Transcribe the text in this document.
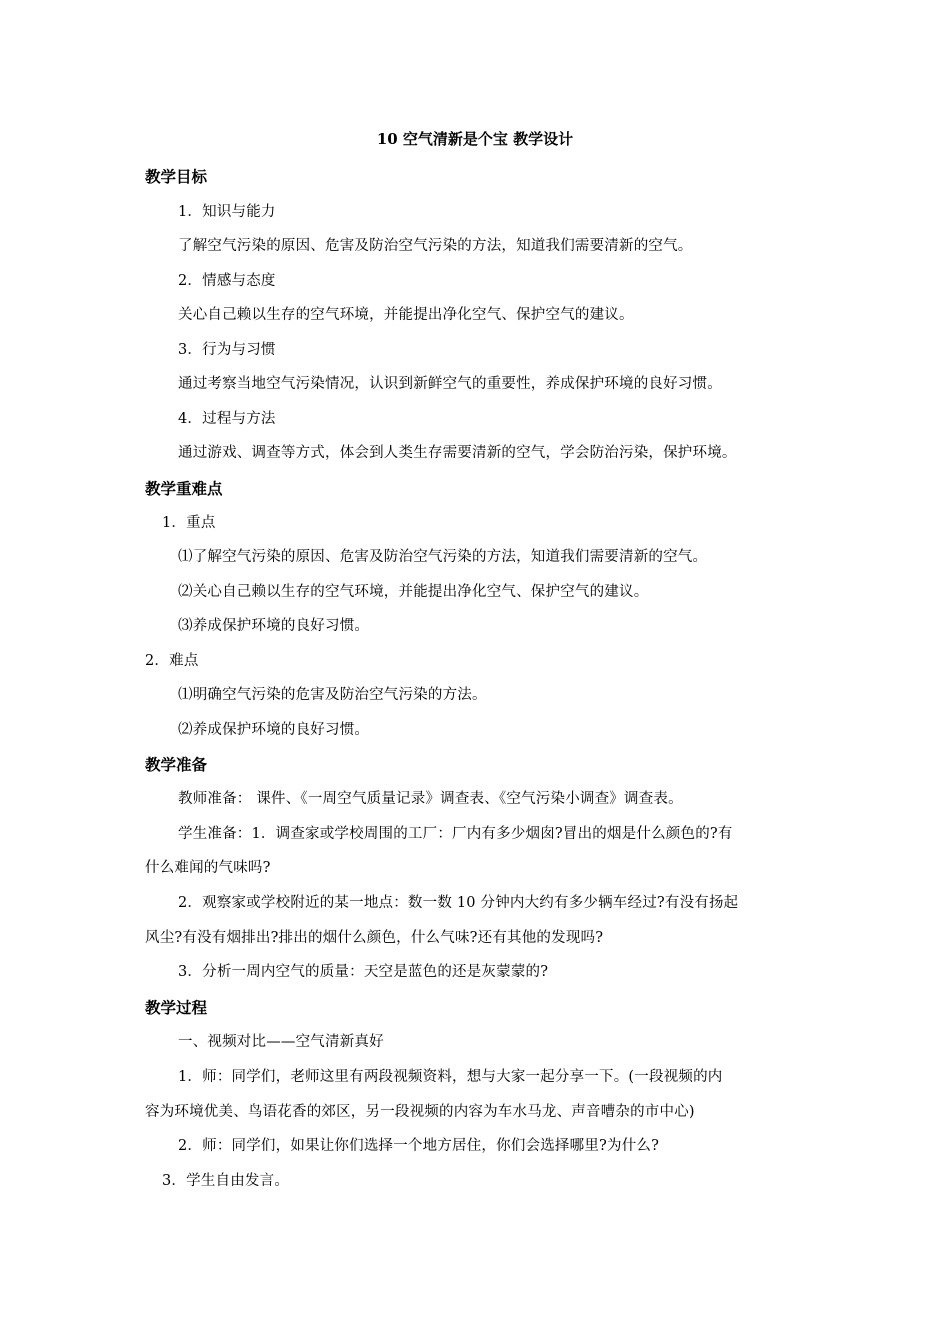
10 空气清新是个宝 教学设计
教学目标
1．知识与能力
了解空气污染的原因、危害及防治空气污染的方法，知道我们需要清新的空气。
2．情感与态度
关心自己赖以生存的空气环境，并能提出净化空气、保护空气的建议。
3．行为与习惯
通过考察当地空气污染情况，认识到新鲜空气的重要性，养成保护环境的良好习惯。
4．过程与方法
通过游戏、调查等方式，体会到人类生存需要清新的空气，学会防治污染，保护环境。
教学重难点
1．重点
⑴了解空气污染的原因、危害及防治空气污染的方法，知道我们需要清新的空气。
⑵关心自己赖以生存的空气环境，并能提出净化空气、保护空气的建议。
⑶养成保护环境的良好习惯。
2．难点
⑴明确空气污染的危害及防治空气污染的方法。
⑵养成保护环境的良好习惯。
教学准备
教师准备： 课件、《一周空气质量记录》调查表、《空气污染小调查》调查表。
学生准备：1．调查家或学校周围的工厂：厂内有多少烟囱?冒出的烟是什么颜色的?有
什么难闻的气味吗?
2．观察家或学校附近的某一地点：数一数 10 分钟内大约有多少辆车经过?有没有扬起
风尘?有没有烟排出?排出的烟什么颜色，什么气味?还有其他的发现吗?
3．分析一周内空气的质量：天空是蓝色的还是灰蒙蒙的?
教学过程
一、视频对比——空气清新真好
1．师：同学们，老师这里有两段视频资料，想与大家一起分享一下。(一段视频的内
容为环境优美、鸟语花香的郊区，另一段视频的内容为车水马龙、声音嘈杂的市中心)
2．师：同学们，如果让你们选择一个地方居住，你们会选择哪里?为什么?
3．学生自由发言。
